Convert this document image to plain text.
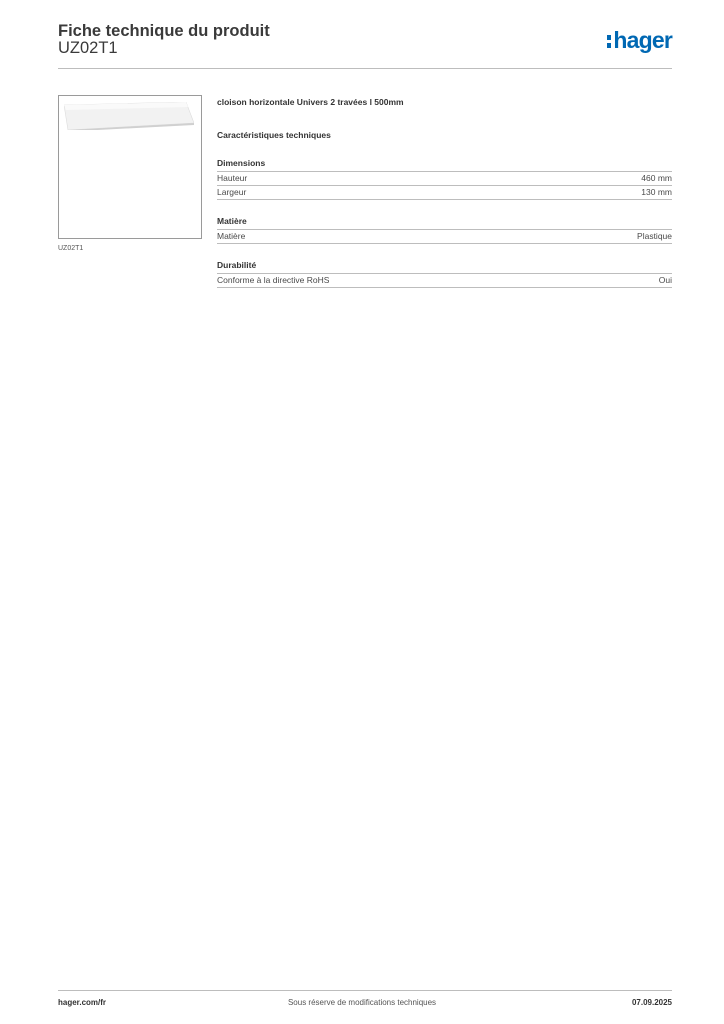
Fiche technique du produit
UZ02T1	hager
UZ02T1
cloison horizontale Univers 2 travées l 500mm
Caractéristiques techniques
Dimensions
Hauteur	460 mm
Largeur	130 mm
Matière
Matière	Plastique
Durabilité
Conforme à la directive RoHS	Oui
hager.com/fr	Sous réserve de modifications techniques	07.09.2025
